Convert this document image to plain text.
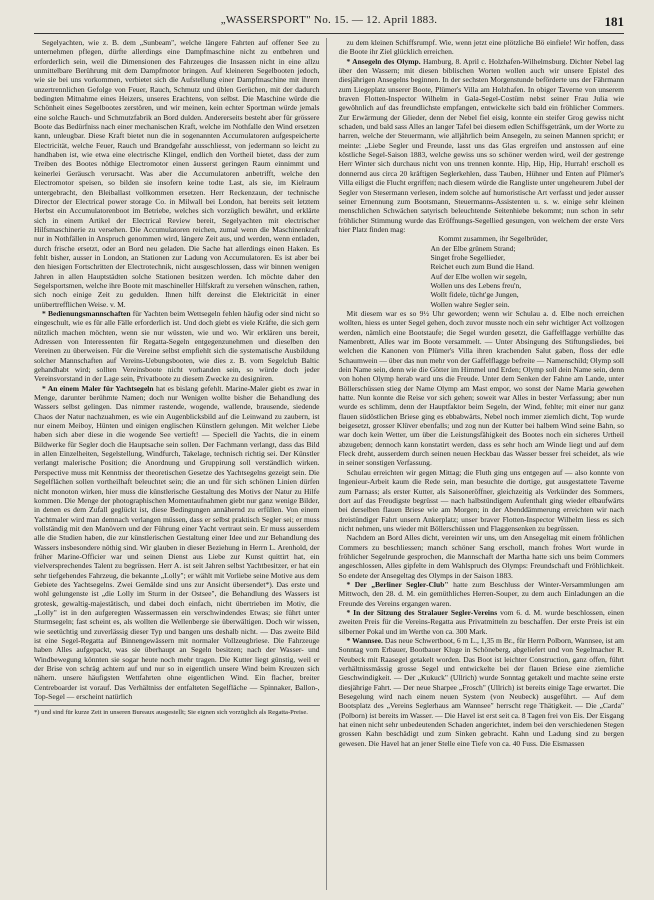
„WASSERSPORT" No. 15. — 12. April 1883.	181

Segelyachten, wie z. B. dem „Sunbeam", welche längere Fahrten auf offener See zu unternehmen pflegen, dürfte allerdings eine Dampfmaschine nicht zu entbehren und erforderlich sein, weil die Dimensionen des Fahrzeuges die Insassen nicht in eine allzu unmittelbare Berührung mit dem Dampfmotor bringen. Auf kleineren Segelbooten jedoch, wie sie bei uns vorkommen, verbietet sich die Aufstellung einer Dampfmaschine mit ihrem unzertrennlichen Gefolge von Feuer, Rauch, Schmutz und üblen Gerüchen, mit der dadurch bedingten Mitnahme eines Heizers, unseres Erachtens, von selbst. Die Maschine würde die Schönheit eines Segelbootes zerstören, und wir meinen, kein echter Sportman würde jemals eine solche Rauch- und Schmutzfabrik an Bord dulden. Andererseits besteht aber für grössere Boote das Bedürfniss nach einer mechanischen Kraft, welche im Nothfalle den Wind ersetzen kann, unleugbar. Diese Kraft bietet nun die in sogenannten Accumulatoren aufgespeicherte Electricität, welche Feuer, Rauch und Brandgefahr ausschliesst, von jedermann so leicht zu handhaben ist, wie etwa eine electrische Klingel, endlich den Vortheil bietet, dass der zum Treiben des Bootes nöthige Electromotor einen äusserst geringen Raum einnimmt und keinerlei Geräusch verursacht. Was aber die Accumulatoren anbetrifft, welche den Electromotor speisen, so bilden sie insofern keine todte Last, als sie, im Kielraum untergebracht, den Bleiballast vollkommen ersetzen. Herr Reckenzaun, der technische Director der Electrical power storage Co. in Milwall bei London, hat bereits seit letztem Herbst ein Accumulatorenboot im Betriebe, welches sich vorzüglich bewährt, und erklärte sich in einem Artikel der Electrical Review bereit, Segelyachten mit electrischer Hilfsmaschinerie zu versehen. Die Accumulatoren reichen, zumal wenn die Maschinenkraft nur in Nothfällen in Anspruch genommen wird, längere Zeit aus, und werden, wenn entladen, durch frische ersetzt, oder an Bord neu geladen. Die Sache hat allerdings einen Haken. Es fehlt bisher, ausser in London, an Stationen zur Ladung von Accumulatoren. Es ist aber bei den hiesigen Fortschritten der Electrotechnik, nicht ausgeschlossen, dass wir binnen wenigen Jahren in allen Hauptstädten solche Stationen besitzen werden. Ich möchte daher den Segelsportsmen, welche ihre Boote mit maschineller Hilfskraft zu versehen wünschen, rathen, sich noch einige Zeit zu gedulden. Ihnen hilft dereinst die Elektricität in einer unübertrefflichen Weise. v. M.

* Bedienungsmannschaften für Yachten beim Wettsegeln fehlen häufig oder sind nicht so eingeschult, wie es für alle Fälle erforderlich ist. Und doch giebt es viele Kräfte, die sich gern nützlich machen möchten, wenn sie nur wüssten, wie und wo. Wir erklären uns bereit, Adressen von Interessenten für Regatta-Segeln entgegenzunehmen und dieselben den Vereinen zu überweisen. Für die Vereine selbst empfiehlt sich die systematische Ausbildung solcher Mannschaften auf Vereins-Uebungsbooten, wie dies z. B. vom Segelclub Baltic gehandhabt wird; sollten Vereinsboote nicht vorhanden sein, so würde doch jeder Vereinsvorstand in der Lage sein, Privatboote zu diesem Zwecke zu designiren.

* An einem Maler für Yachtsegeln hat es bislang gefehlt. Marine-Maler giebt es zwar in Menge, darunter berühmte Namen; doch nur Wenigen wollte bisher die Behandlung des Wassers selbst gelingen. Das nimmer rastende, wogende, wallende, brausende, siedende Chaos der Natur nachzuahmen, es wie ein Augenblicksbild auf die Leinwand zu zaubern, ist nur einem Meiboy, Hünten und einigen englischen Künstlern gelungen. Mit welcher Liebe haben sich aber diese in die wogende See vertieft! — Speciell die Yachts, die in einem Bildwerke für Segler doch die Hauptsache sein sollen. Der Fachmann verlangt, dass das Bild in allen Einzelheiten, Segelstellung, Windfurch, Takelage, technisch richtig sei. Der Künstler verlangt malerische Position; die Anordnung und Gruppirung soll verständlich wirken. Perspective muss mit Kenntniss der theoretischen Gesetze des Yachtsegelns gezeigt sein. Die Segelflächen sollen vortheilhaft beleuchtet sein; die an und für sich schönen Linien dürfen nicht monoton wirken, hier muss die künstlerische Gestaltung des Motivs der Natur zu Hilfe kommen. Die Menge der photographischen Momentaufnahmen giebt nur ganz wenige Bilder, in denen es dem Zufall geglückt ist, diese Bedingungen annähernd zu erfüllen. Von einem Yachtmaler wird man demnach verlangen müssen, dass er selbst praktisch Segler sei; er muss vollständig mit den Manövern und der Führung einer Yacht vertraut sein. Er muss ausserdem alle die Studien haben, die zur künstlerischen Gestaltung einer Idee und zur Behandlung des Wassers insbesondere nöthig sind. Wir glauben in dieser Beziehung in Herrn L. Arenhold, der früher Marine-Officier war und seinen Dienst aus Liebe zur Kunst quittirt hat, ein vielversprechendes Talent zu begrüssen. Herr A. ist seit Jahren selbst Yachtbesitzer, er hat ein sehr tiefgehendes Fahrzeug, die bekannte „Lolly"; er wählt mit Vorliebe seine Motive aus dem Gebiete des Yachtsegelns. Zwei Gemälde sind uns zur Ansicht übersendet*). Das erste und wohl gelungenste ist „die Lolly im Sturm in der Ostsee", die Behandlung des Wassers ist grotesk, gewaltig-majestätisch, und dabei doch einfach, nicht übertrieben im Motiv, die „Lolly" ist in den aufgeregten Wassermassen ein verschwindendes Etwas; sie führt unter Sturmsegeln; fast scheint es, als wollten die Wellenberge sie überwältigen. Doch wir wissen, wie seetüchtig und zuverlässig dieser Typ und bangen uns deshalb nicht. — Das zweite Bild ist eine Segel-Regatta auf Binnengewässern mit normaler Vollzeugbriese. Die Fahrzeuge haben Alles aufgepackt, was sie überhaupt an Segeln besitzen; nach der Wasser- und Windbewegung könnten sie sogar heute noch mehr tragen. Die Kutter liegt günstig, weil er der Brise von schräg achtern auf und nur so in eigentlich unsere Wind beim Kreuzen sich nähern. unsere häufigsten Wettfahrten ohne eigentlichen Wind. Ein flacher, breiter Centreboarder ist vorauf. Das Verhältniss der entfalteten Segelfläche — Spinnaker, Ballon-, Top-Segel — erscheint natürlich

*) und sind für kurze Zeit in unseren Bureaux ausgestellt; Sie eignen sich vorzüglich als Regatta-Preise.

zu dem kleinen Schiffsrumpf. Wie, wenn jetzt eine plötzliche Bö einfiele! Wir hoffen, dass die Boote ihr Ziel glücklich erreichen.

* Ansegeln des Olymp. Hamburg, 8. April c. Holzhafen-Wilhelmsburg. Dichter Nebel lag über den Wassern; mit diesen biblischen Worten wollen auch wir unsere Epistel des diesjährigen Ansegelns beginnen. In der sechsten Morgenstunde beförderte uns der Fährmann zum Liegeplatz unserer Boote, Plümer's Villa am Holzhafen. In obiger Taverne von unserem braven Flotten-Inspector Wilhelm in Gala-Segel-Costüm nebst seiner Frau Julia wie gewöhnlich auf das freundlichste empfangen, entwickelte sich bald ein fröhlicher Commers. Zur Erwärmung der Glieder, denn der Nebel fiel eisig, konnte ein steifer Grog gewiss nicht schaden, und bald sass Alles an langer Tafel bei diesem edlen Schiffsgetränk, um der Worte zu harren, welche der Steuermann, wie alljährlich beim Ansegeln, zu seinen Mannen spricht; er meinte: „Liebe Segler und Freunde, lasst uns das Glas ergreifen und anstossen auf eine köstliche Segel-Saison 1883, welche gewiss uns so schöner werden wird, weil der gestrenge Herr Winter sich durchaus nicht von uns trennen konnte. Hip, Hip, Hip, Hurrah! erscholl es donnernd aus circa 20 kräftigen Seglerkehlen, dass Tauben, Hühner und Enten auf Plümer's Villa eiligst die Flucht ergriffen; nach diesem würde die Rangliste unter ungeheurem Jubel der Segler von Stesermann verlesen, indem solche auf humoristische Art verfasst und jeder ausser seiner Ernennung zum Bootsmann, Steuermanns-Assistenten u. s. w. einige sehr kleinen menschlichen Schwächen satyrisch beleuchtende Seitenhiebe bekommt; nun schon in sehr fröhlicher Stimmung wurde das Eröffnungs-Segellied gesungen, von welchem der erste Vers hier Platz finden mag:

Kommt zusammen, ihr Segelbrüder,
An der Elbe grünem Strand;
Singet frohe Segellieder,
Reichet euch zum Bund die Hand.
Auf der Elbe wollen wir segeln,
Wollen uns des Lebens freu'n,
Wollt fidele, tücht'ge Jungen,
Wollen wahre Segler sein.

Mit diesem war es so 9½ Uhr geworden; wenn wir Schulau a. d. Elbe noch erreichen wollten, hiess es unter Segel gehen, doch zuvor musste noch ein sehr wichtiger Act vollzogen werden, nämlich eine Bootstaufe; die Segel wurden gesetzt, die Gaffelflagge verhüllte das Namenbrett, Alles war im Boote versammelt. — Unter Absingung des Stiftungsliedes, bei welchen die Kanonen von Plümer's Villa ihren krachenden Salut gaben, floss der edle Schaumwein — über das nun mehr von der Gaffelflagge befreite — Namenschild; Olymp soll dein Name sein, denn wie die Götter im Himmel und Erden; Olymp soll dein Name sein, denn von hohen Olymp herab ward uns die Freude. Unter dem Senken der Fahne am Lande, unter Böllerschüssen stieg der Name Olymp am Mast empor, wo sonst der Name Maria gewehen hatte. Nun konnte die Reise vor sich gehen; soweit war Alles in bester Verfassung; aber nun wurde es schlimm, denn der Hauptfaktor beim Segeln, der Wind, fehlte; mit einer nur ganz flauen südöstlichen Briese ging es ebbabwärts, Nebel noch immer ziemlich dicht, Top wurde beigesetzt, grosser Klüver ebenfalls; und zog nun der Kutter bei halbem Wind seine Bahn, so war doch kein Wetter, um über die Leistungsfähigkeit des Bootes noch ein sicheres Urtheil abzugeben; dennoch kann konstatirt werden, dass es sehr hoch am Winde liegt und auf dem Fleck dreht, ausserdem durch seinen neuen Heckbau das Wasser besser frei scheidet, als wie in seiner sonstigen Verfassung.

Schulau erreichten wir gegen Mittag; die Fluth ging uns entgegen auf — also konnte von Ingenieur-Arbeit kaum die Rede sein, man besuchte die dortige, gut ausgestattete Taverne zum Parnass; als erster Kutter, als Saisoneröffner, gleichzeitig als Verkünder des Sommers, dort auf das Freudigste begrüsst — nach halbstündigem Aufenthalt ging wieder elbaufwärts bei derselben flauen Briese wie am Morgen; in der Abenddämmerung erreichten wir nach dreistündiger Fahrt unsern Ankerplatz; unser braver Flotten-Inspector Wilhelm liess es sich nicht nehmen, uns wieder mit Böllerschüssen und Flaggensenken zu begrüssen.

Nachdem an Bord Alles dicht, vereinten wir uns, um den Ansegeltag mit einem fröhlichen Commers zu beschliessen; manch schöner Sang erscholl, manch frohes Wort wurde in fröhlicher Segelrunde gesprochen, die Mannschaft der Martha hatte sich uns beim Commers angeschlossen, Alles gipfelte in dem Wahlspruch des Olymps: Freundschaft und Fröhlichkeit. So endete der Ansegeltag des Olymps in der Saison 1883.

* Der „Berliner Segler-Club" hatte zum Beschluss der Winter-Versammlungen am Mittwoch, den 28. d. M. ein gemüthliches Herren-Souper, zu dem auch Einladungen an die Freunde des Vereins ergangen waren.

* In der Sitzung des Stralauer Segler-Vereins vom 6. d. M. wurde beschlossen, einen zweiten Preis für die Vereins-Regatta aus Privatmitteln zu beschaffen. Der erste Preis ist ein silberner Pokal und im Werthe von ca. 300 Mark.

* Wannsee. Das neue Schwertboot, 6 m L., 1,35 m Br., für Herrn Polborn, Wannsee, ist am Sonntag vom Erbauer, Bootbauer Kluge in Schöneberg, abgeliefert und von Segelmacher R. Neubeck mit Raasegel getakelt worden. Das Boot ist leichter Construction, ganz offen, führt verhältnissmässig grosse Segel und entwickelte bei der flauen Briese eine ziemliche Geschwindigkeit. — Der „Kukuck" (Ullrich) wurde Sonntag getakelt und machte seine erste diesjährige Fahrt. — Der neue Sharpee „Frosch" (Ullrich) ist bereits einige Tage erwartet. Die Besegelung wird nach einem neuen System (von Neubeck) ausgeführt. — Auf dem Bootsplatz des „Vereins Seglerhaus am Wannsee" herrscht rege Thätigkeit. — Die „Carda" (Polborn) ist bereits im Wasser. — Die Havel ist erst seit ca. 8 Tagen frei von Eis. Der Eisgang hat einen nicht sehr unbedeutenden Schaden angerichtet, indem bei den verschiedenen Stegen grossen Kahn beschädigt und zum Sinken gebracht. Kahn und Ladung sind zu bergen gewesen. Die Havel hat an jener Stelle eine Tiefe von ca. 40 Fuss. Die Eismassen
